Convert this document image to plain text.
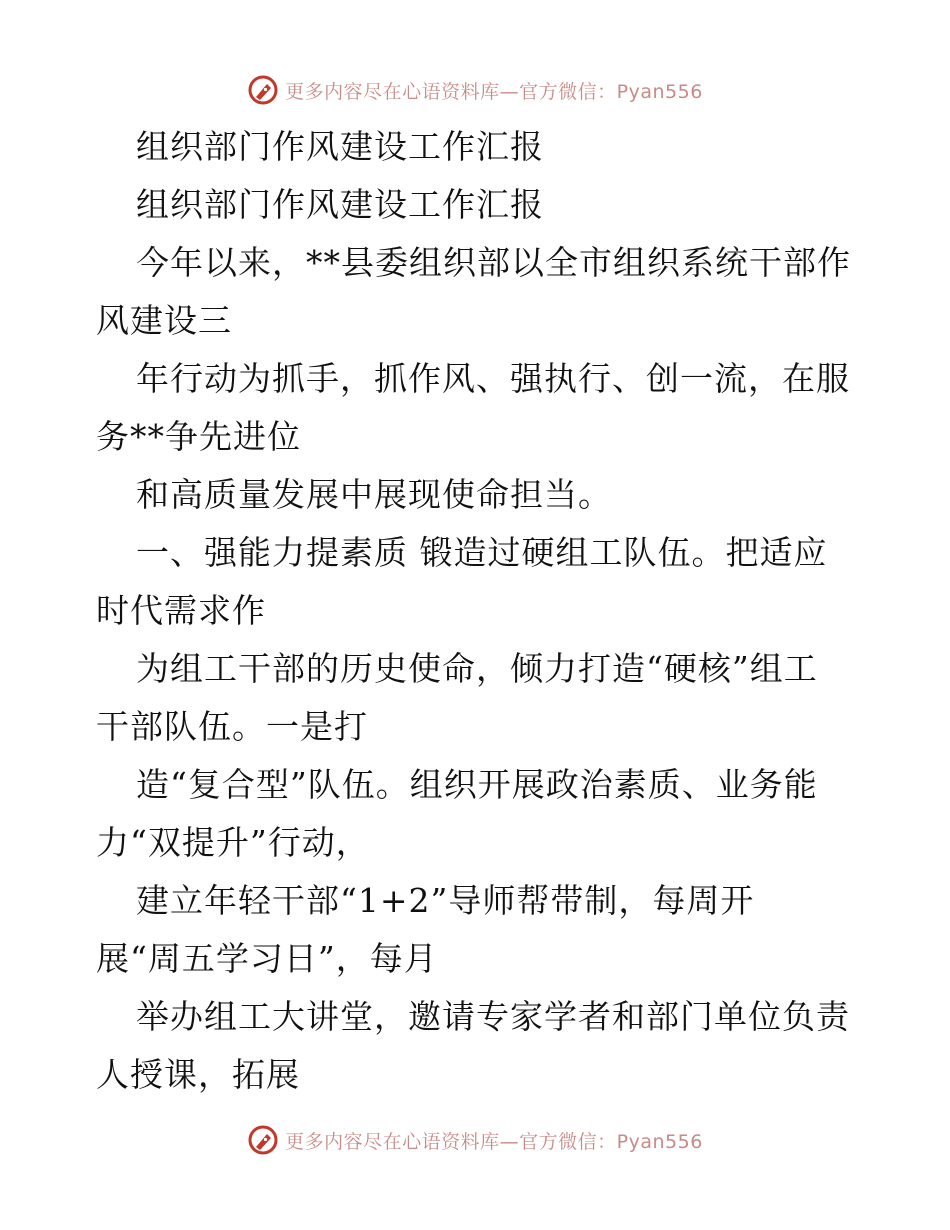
更多内容尽在心语资料库—官方微信：Pyan556
组织部门作风建设工作汇报
组织部门作风建设工作汇报
今年以来，**县委组织部以全市组织系统干部作
风建设三
年行动为抓手，抓作风、强执行、创一流，在服
务**争先进位
和高质量发展中展现使命担当。
一、强能力提素质 锻造过硬组工队伍。把适应
时代需求作
为组工干部的历史使命，倾力打造“硬核”组工
干部队伍。一是打
造“复合型”队伍。组织开展政治素质、业务能
力“双提升”行动，
建立年轻干部“1+2”导师帮带制，每周开
展“周五学习日”，每月
举办组工大讲堂，邀请专家学者和部门单位负责
人授课，拓展
更多内容尽在心语资料库—官方微信：Pyan556
